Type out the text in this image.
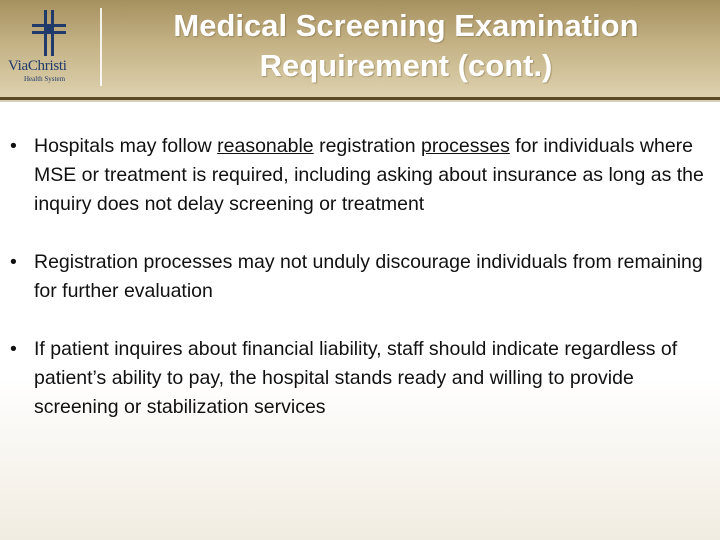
ViaChristi
Health System
Medical Screening Examination
Requirement (cont.)
• Hospitals may follow reasonable registration processes for individuals where MSE or treatment is required, including asking about insurance as long as the inquiry does not delay screening or treatment
• Registration processes may not unduly discourage individuals from remaining for further evaluation
• If patient inquires about financial liability, staff should indicate regardless of patient’s ability to pay, the hospital stands ready and willing to provide screening or stabilization services
